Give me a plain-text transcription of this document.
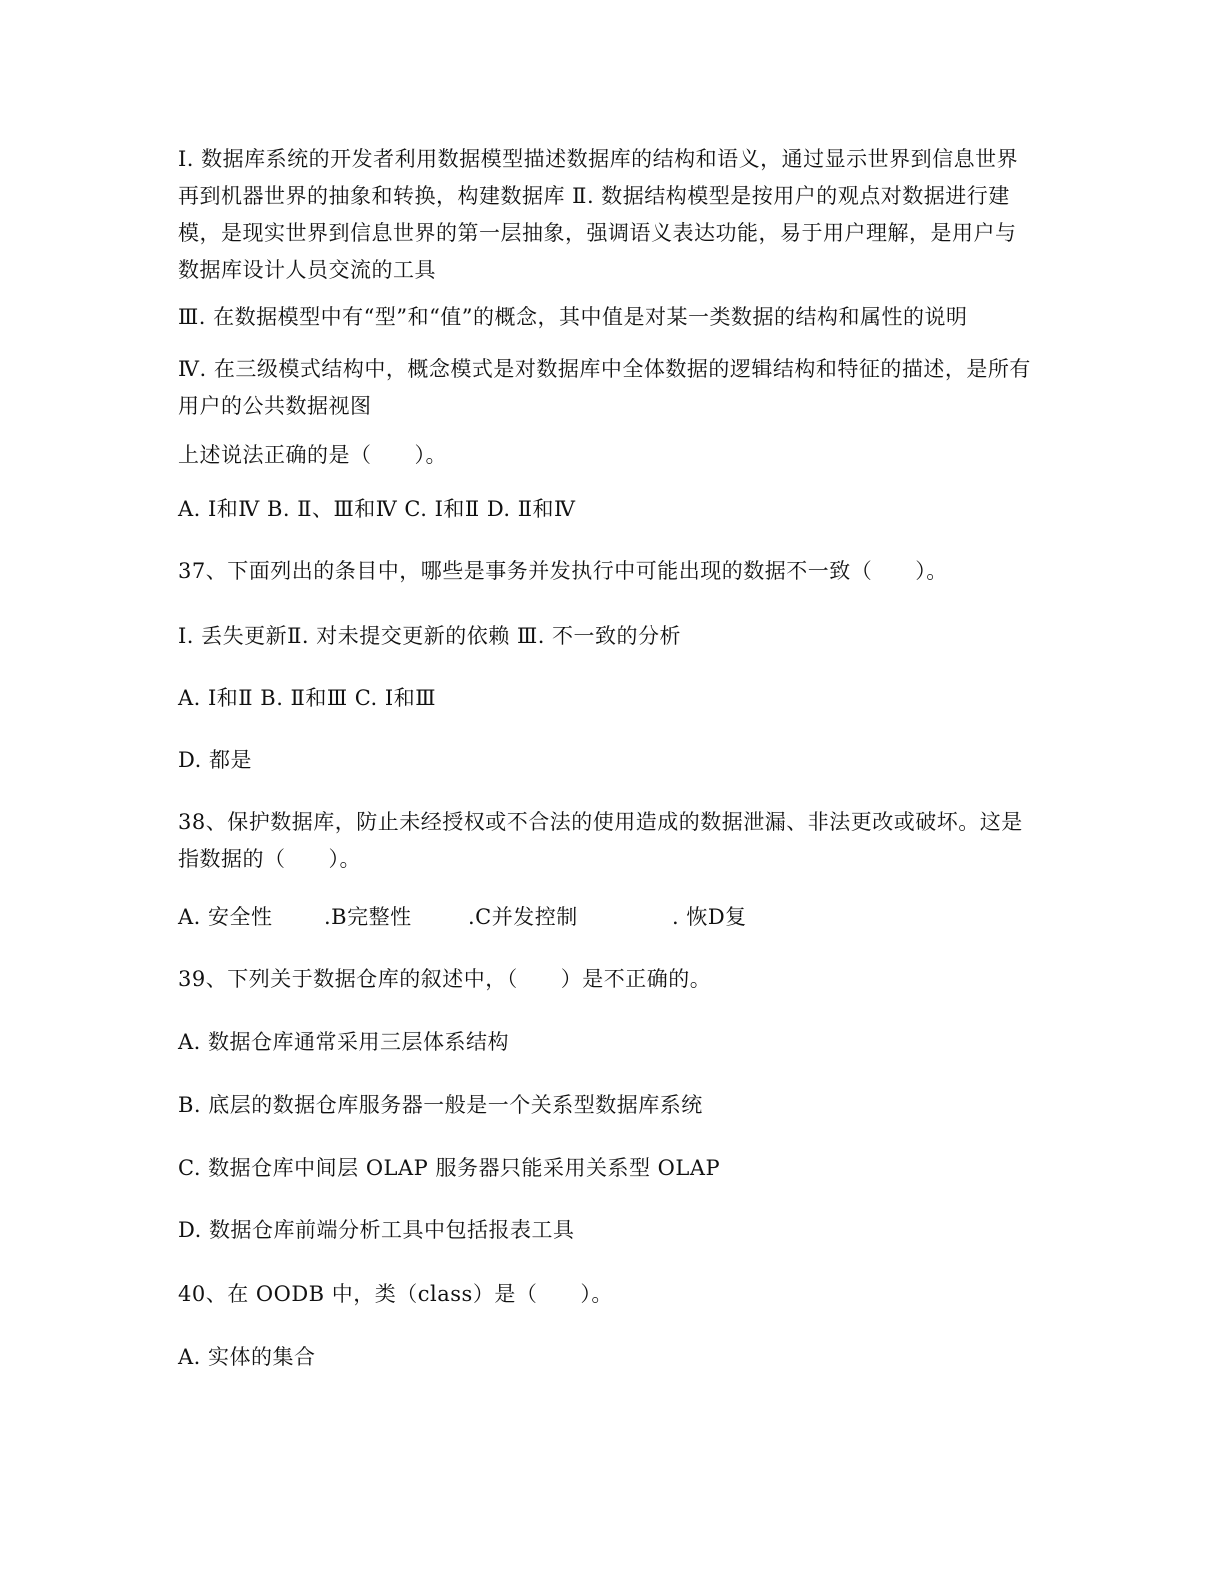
Ⅰ. 数据库系统的开发者利用数据模型描述数据库的结构和语义，通过显示世界到信息世界再到机器世界的抽象和转换，构建数据库 Ⅱ. 数据结构模型是按用户的观点对数据进行建模，是现实世界到信息世界的第一层抽象，强调语义表达功能，易于用户理解，是用户与数据库设计人员交流的工具
Ⅲ. 在数据模型中有“型”和“值”的概念，其中值是对某一类数据的结构和属性的说明
Ⅳ. 在三级模式结构中，概念模式是对数据库中全体数据的逻辑结构和特征的描述，是所有用户的公共数据视图
上述说法正确的是（　　）。
A. Ⅰ和Ⅳ B. Ⅱ、Ⅲ和Ⅳ C. Ⅰ和Ⅱ D. Ⅱ和Ⅳ
37、下面列出的条目中，哪些是事务并发执行中可能出现的数据不一致（　　）。
Ⅰ. 丢失更新Ⅱ. 对未提交更新的依赖 Ⅲ. 不一致的分析
A. Ⅰ和Ⅱ B. Ⅱ和Ⅲ C. Ⅰ和Ⅲ
D. 都是
38、保护数据库，防止未经授权或不合法的使用造成的数据泄漏、非法更改或破坏。这是指数据的（　　）。
A. 安全性 .B完整性	.C并发控制	. 恢D复
39、下列关于数据仓库的叙述中，（　　）是不正确的。
A. 数据仓库通常采用三层体系结构
B. 底层的数据仓库服务器一般是一个关系型数据库系统
C. 数据仓库中间层 OLAP 服务器只能采用关系型 OLAP
D. 数据仓库前端分析工具中包括报表工具
40、在 OODB 中，类（class）是（　　）。
A. 实体的集合
